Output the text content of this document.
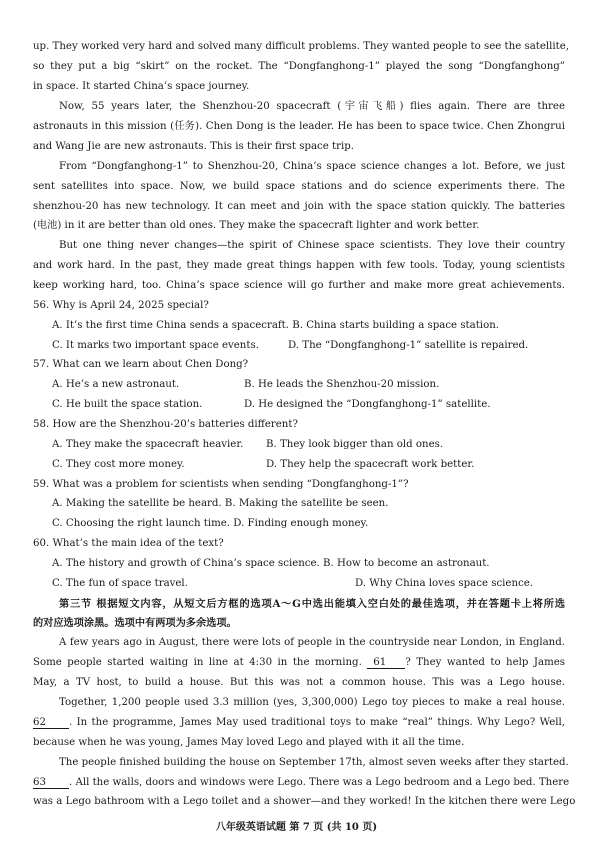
up. They worked very hard and solved many difficult problems. They wanted people to see the satellite,
so they put a big “skirt” on the rocket. The “Dongfanghong-1” played the song “Dongfanghong”
in space. It started China’s space journey.
Now, 55 years later, the Shenzhou-20 spacecraft (宇宙飞船) flies again. There are three
astronauts in this mission (任务). Chen Dong is the leader. He has been to space twice. Chen Zhongrui
and Wang Jie are new astronauts. This is their first space trip.
From “Dongfanghong-1” to Shenzhou-20, China’s space science changes a lot. Before, we just
sent satellites into space. Now, we build space stations and do science experiments there. The
shenzhou-20 has new technology. It can meet and join with the space station quickly. The batteries
(电池) in it are better than old ones. They make the spacecraft lighter and work better.
But one thing never changes—the spirit of Chinese space scientists. They love their country
and work hard. In the past, they made great things happen with few tools. Today, young scientists
keep working hard, too. China’s space science will go further and make more great achievements.
56. Why is April 24, 2025 special?
A. It’s the first time China sends a spacecraft. B. China starts building a space station.
C. It marks two important space events.	D. The “Dongfanghong-1” satellite is repaired.
57. What can we learn about Chen Dong?
A. He’s a new astronaut.	B. He leads the Shenzhou-20 mission.
C. He built the space station.	D. He designed the “Dongfanghong-1” satellite.
58. How are the Shenzhou-20’s batteries different?
A. They make the spacecraft heavier. B. They look bigger than old ones.
C. They cost more money.	D. They help the spacecraft work better.
59. What was a problem for scientists when sending “Dongfanghong-1”?
A. Making the satellite be heard. B. Making the satellite be seen.
C. Choosing the right launch time. D. Finding enough money.
60. What’s the main idea of the text?
A. The history and growth of China’s space science. B. How to become an astronaut.
C. The fun of space travel.	D. Why China loves space science.
第三节 根据短文内容，从短文后方框的选项A～G中选出能填入空白处的最佳选项，并在答题卡上将所选
的对应选项涂黑。选项中有两项为多余选项。
A few years ago in August, there were lots of people in the countryside near London, in England.
Some people started waiting in line at 4:30 in the morning. 61 ? They wanted to help James
May, a TV host, to build a house. But this was not a common house. This was a Lego house.
Together, 1,200 people used 3.3 million (yes, 3,300,000) Lego toy pieces to make a real house.
62 . In the programme, James May used traditional toys to make “real” things. Why Lego? Well,
because when he was young, James May loved Lego and played with it all the time.
The people finished building the house on September 17th, almost seven weeks after they started.
63 . All the walls, doors and windows were Lego. There was a Lego bedroom and a Lego bed. There
was a Lego bathroom with a Lego toilet and a shower—and they worked! In the kitchen there were Lego
八年级英语试题 第 7 页 (共 10 页)
